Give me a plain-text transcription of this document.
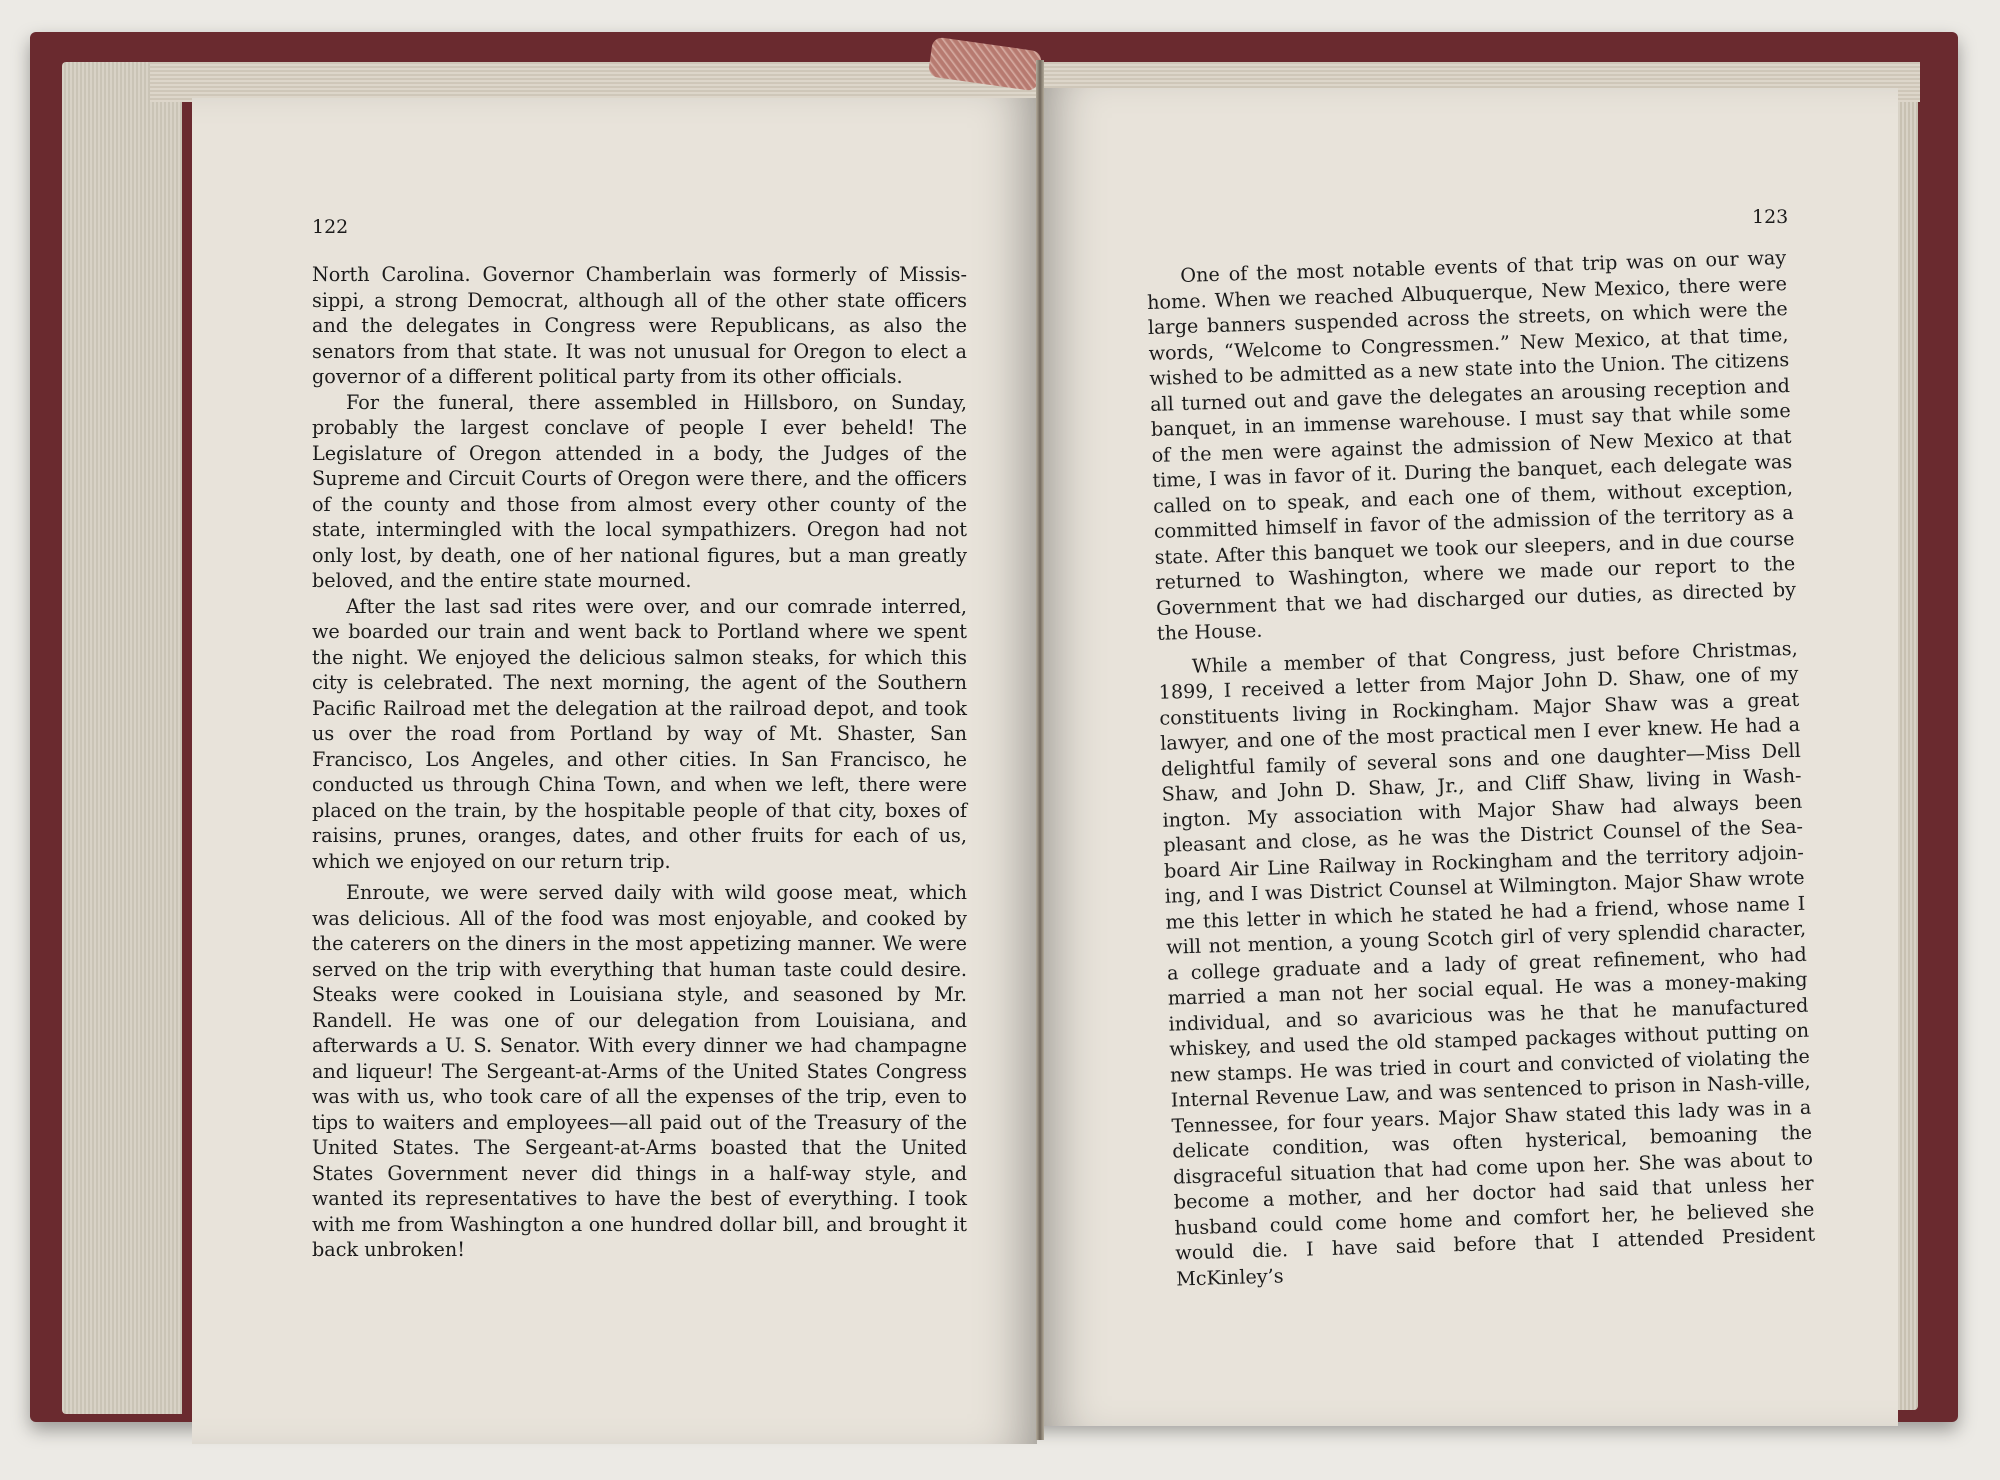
122	123

North Carolina. Governor Chamberlain was formerly of Missis-sippi, a strong Democrat, although all of the other state officers and the delegates in Congress were Republicans, as also the senators from that state. It was not unusual for Oregon to elect a governor of a different political party from its other officials.

For the funeral, there assembled in Hillsboro, on Sunday, probably the largest conclave of people I ever beheld! The Legislature of Oregon attended in a body, the Judges of the Supreme and Circuit Courts of Oregon were there, and the officers of the county and those from almost every other county of the state, intermingled with the local sympathizers. Oregon had not only lost, by death, one of her national figures, but a man greatly beloved, and the entire state mourned.

After the last sad rites were over, and our comrade interred, we boarded our train and went back to Portland where we spent the night. We enjoyed the delicious salmon steaks, for which this city is celebrated. The next morning, the agent of the Southern Pacific Railroad met the delegation at the railroad depot, and took us over the road from Portland by way of Mt. Shaster, San Francisco, Los Angeles, and other cities. In San Francisco, he conducted us through China Town, and when we left, there were placed on the train, by the hospitable people of that city, boxes of raisins, prunes, oranges, dates, and other fruits for each of us, which we enjoyed on our return trip.

Enroute, we were served daily with wild goose meat, which was delicious. All of the food was most enjoyable, and cooked by the caterers on the diners in the most appetizing manner. We were served on the trip with everything that human taste could desire. Steaks were cooked in Louisiana style, and seasoned by Mr. Randell. He was one of our delegation from Louisiana, and afterwards a U. S. Senator. With every dinner we had champagne and liqueur! The Sergeant-at-Arms of the United States Congress was with us, who took care of all the expenses of the trip, even to tips to waiters and employees—all paid out of the Treasury of the United States. The Sergeant-at-Arms boasted that the United States Government never did things in a half-way style, and wanted its representatives to have the best of everything. I took with me from Washington a one hundred dollar bill, and brought it back unbroken!

One of the most notable events of that trip was on our way home. When we reached Albuquerque, New Mexico, there were large banners suspended across the streets, on which were the words, “Welcome to Congressmen.” New Mexico, at that time, wished to be admitted as a new state into the Union. The citizens all turned out and gave the delegates an arousing reception and banquet, in an immense warehouse. I must say that while some of the men were against the admission of New Mexico at that time, I was in favor of it. During the banquet, each delegate was called on to speak, and each one of them, without exception, committed himself in favor of the admission of the territory as a state. After this banquet we took our sleepers, and in due course returned to Washington, where we made our report to the Government that we had discharged our duties, as directed by the House.

While a member of that Congress, just before Christmas, 1899, I received a letter from Major John D. Shaw, one of my constituents living in Rockingham. Major Shaw was a great lawyer, and one of the most practical men I ever knew. He had a delightful family of several sons and one daughter—Miss Dell Shaw, and John D. Shaw, Jr., and Cliff Shaw, living in Wash-ington. My association with Major Shaw had always been pleasant and close, as he was the District Counsel of the Sea-board Air Line Railway in Rockingham and the territory adjoin-ing, and I was District Counsel at Wilmington. Major Shaw wrote me this letter in which he stated he had a friend, whose name I will not mention, a young Scotch girl of very splendid character, a college graduate and a lady of great refinement, who had married a man not her social equal. He was a money-making individual, and so avaricious was he that he manufactured whiskey, and used the old stamped packages without putting on new stamps. He was tried in court and convicted of violating the Internal Revenue Law, and was sentenced to prison in Nash-ville, Tennessee, for four years. Major Shaw stated this lady was in a delicate condition, was often hysterical, bemoaning the disgraceful situation that had come upon her. She was about to become a mother, and her doctor had said that unless her husband could come home and comfort her, he believed she would die. I have said before that I attended President McKinley’s
